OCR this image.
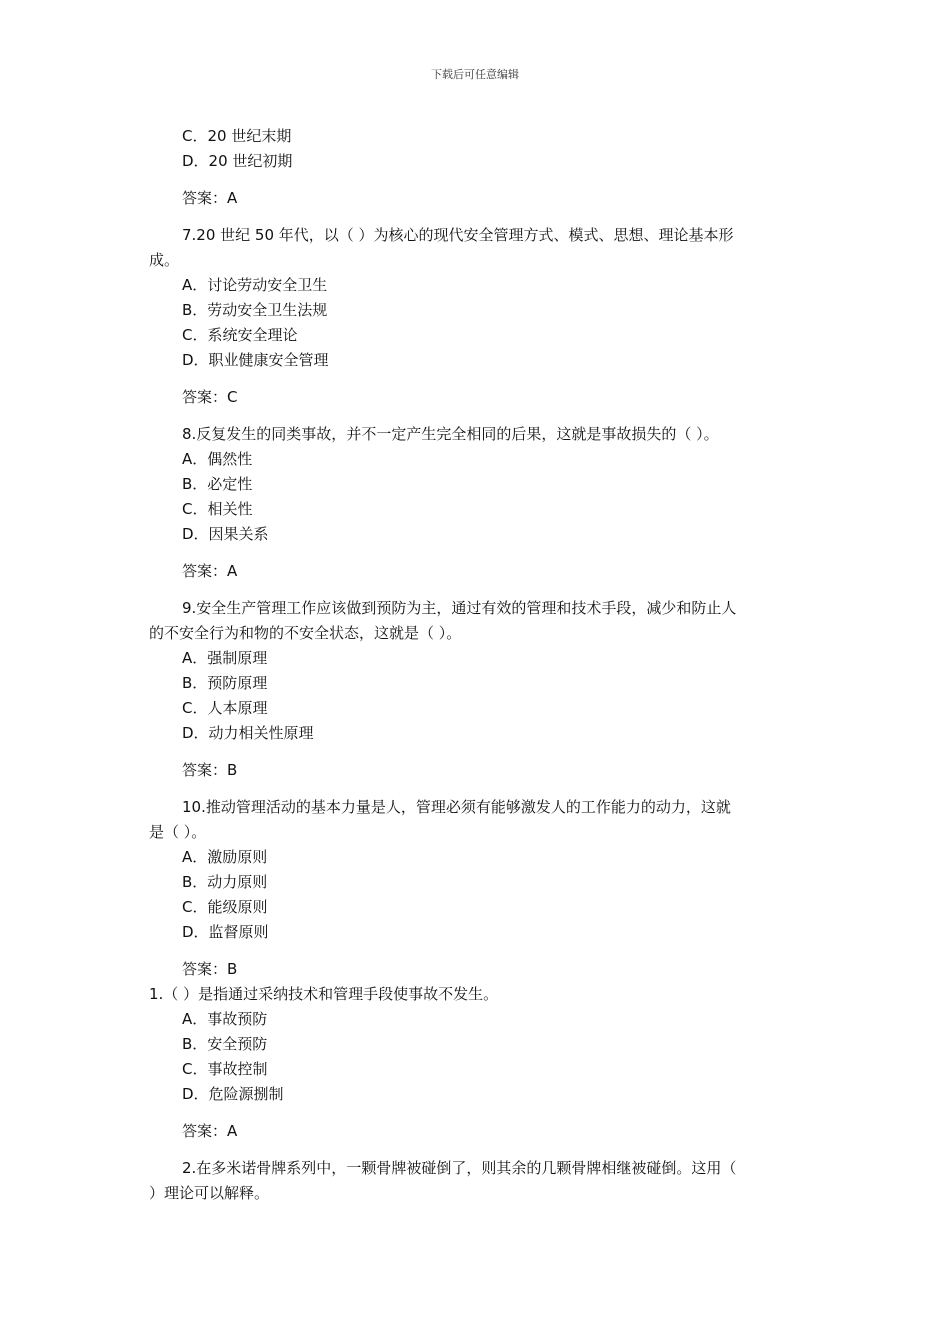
下载后可任意编辑
C．20 世纪末期
D．20 世纪初期
答案：A
7.20 世纪 50 年代，以（ ）为核心的现代安全管理方式、模式、思想、理论基本形
成。
A．讨论劳动安全卫生
B．劳动安全卫生法规
C．系统安全理论
D．职业健康安全管理
答案：C
8.反复发生的同类事故，并不一定产生完全相同的后果，这就是事故损失的（ ）。
A．偶然性
B．必定性
C．相关性
D．因果关系
答案：A
9.安全生产管理工作应该做到预防为主，通过有效的管理和技术手段，减少和防止人
的不安全行为和物的不安全状态，这就是（ ）。
A．强制原理
B．预防原理
C．人本原理
D．动力相关性原理
答案：B
10.推动管理活动的基本力量是人，管理必须有能够激发人的工作能力的动力，这就
是（ ）。
A．激励原则
B．动力原则
C．能级原则
D．监督原则
答案：B
1.（ ）是指通过采纳技术和管理手段使事故不发生。
A．事故预防
B．安全预防
C．事故控制
D．危险源捌制
答案：A
2.在多米诺骨牌系列中，一颗骨牌被碰倒了，则其余的几颗骨牌相继被碰倒。这用（
）理论可以解释。
